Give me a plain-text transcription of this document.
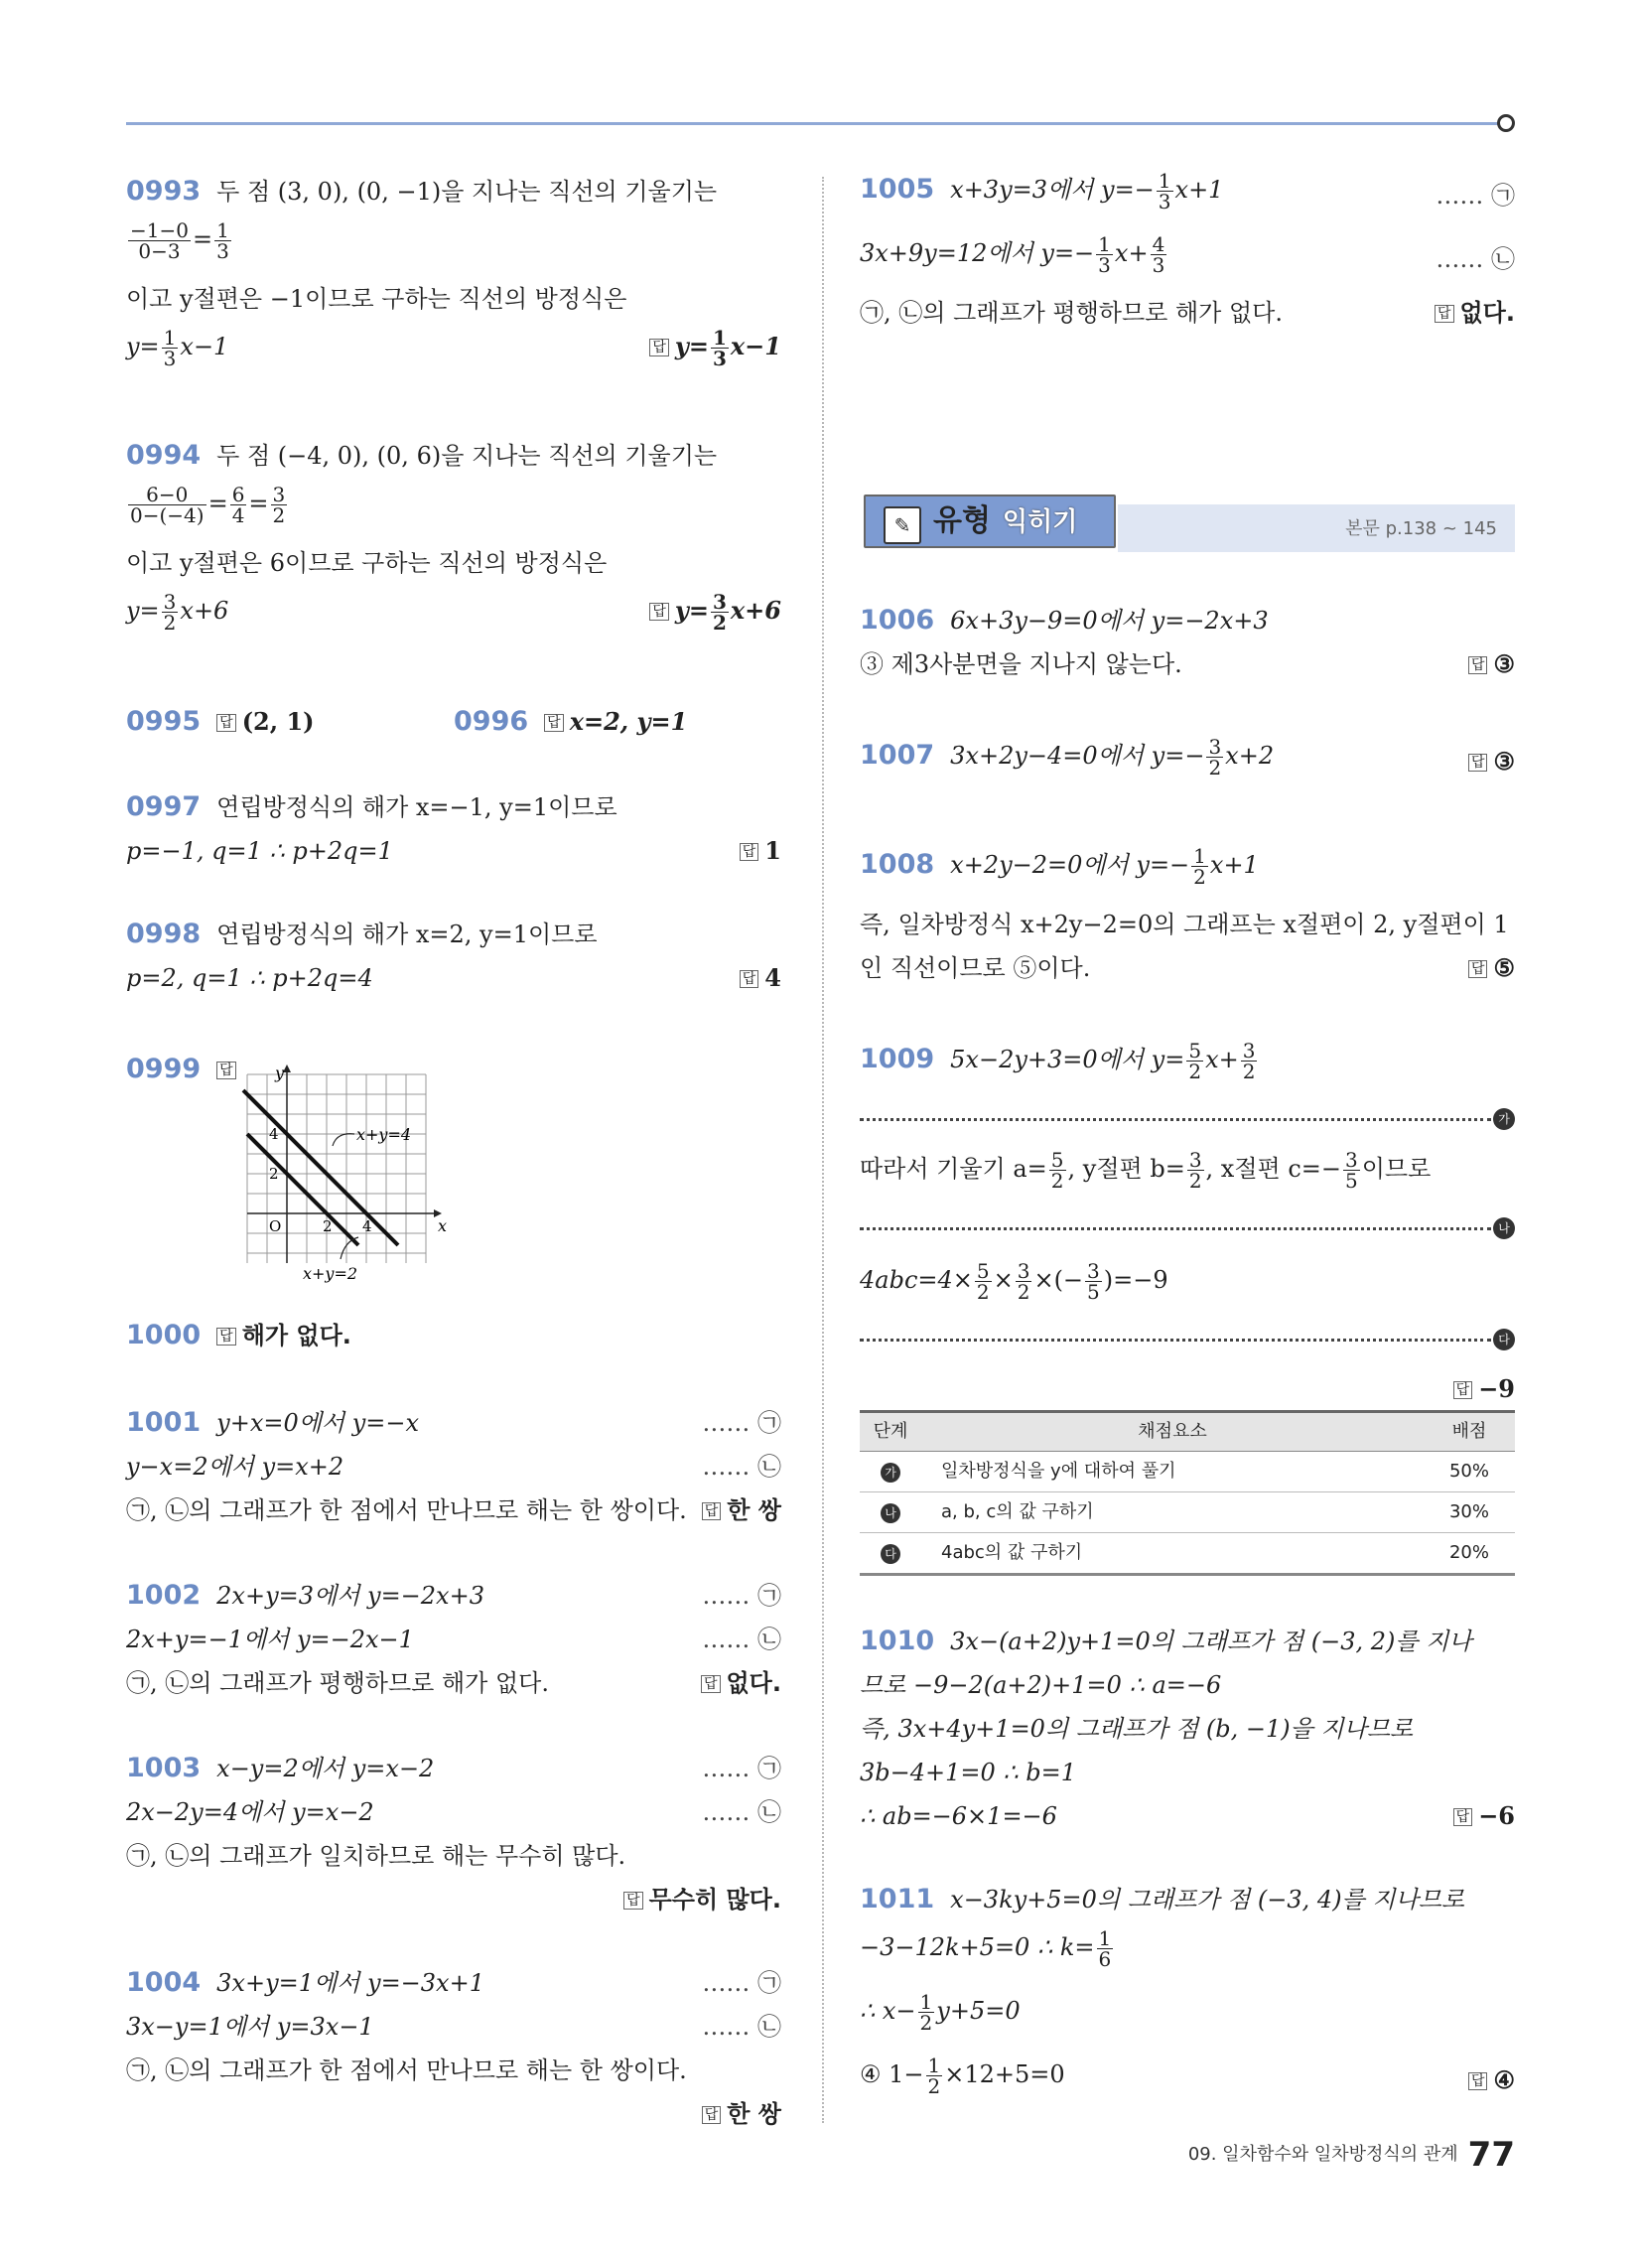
0993 두 점 (3, 0), (0, −1)을 지나는 직선의 기울기는
$\frac{-1-0}{0-3} = \frac{1}{3}$
이고 y절편은 −1이므로 구하는 직선의 방정식은
$y= \frac{1}{3} x-1$	답 $y= \frac{1}{3} x-1$
0994 두 점 (−4, 0), (0, 6)을 지나는 직선의 기울기는
$\frac{6-0}{0-(-4)} = \frac{6}{4} = \frac{3}{2}$
이고 y절편은 6이므로 구하는 직선의 방정식은
$y= \frac{3}{2} x+6$	답 $y= \frac{3}{2} x+6$
0995 답 (2, 1)	0996 답 x=2, y=1
0997 연립방정식의 해가 x=−1, y=1이므로
p=−1, q=1 ∴ p+2q=1	답 1
0998 연립방정식의 해가 x=2, y=1이므로
p=2, q=1 ∴ p+2q=4	답 4
0999 답	y
x
O	2 4
2
4	x+y=4
x+y=2
1000 답 해가 없다.
1001 y+x=0에서 y=−x	…… ㉠
y−x=2에서 y=x+2	…… ㉡
㉠, ㉡의 그래프가 한 점에서 만나므로 해는 한 쌍이다. 답 한 쌍
1002 2x+y=3에서 y=−2x+3	…… ㉠
2x+y=−1에서 y=−2x−1	…… ㉡
㉠, ㉡의 그래프가 평행하므로 해가 없다.	답 없다.
1003 x−y=2에서 y=x−2	…… ㉠
2x−2y=4에서 y=x−2	…… ㉡
㉠, ㉡의 그래프가 일치하므로 해는 무수히 많다.
답 무수히 많다.
1004 3x+y=1에서 y=−3x+1	…… ㉠
3x−y=1에서 y=3x−1	…… ㉡
㉠, ㉡의 그래프가 한 점에서 만나므로 해는 한 쌍이다.
답 한 쌍
1005 x+3y=3에서 $y=- \frac{1}{3} x+1$	…… ㉠
3x+9y=12에서 $y=- \frac{1}{3} x+ \frac{4}{3}$	…… ㉡
㉠, ㉡의 그래프가 평행하므로 해가 없다.	답 없다.
✎ 유형 익히기	본문 p.138 ~ 145
1006 6x+3y−9=0에서 y=−2x+3
③ 제3사분면을 지나지 않는다.	답 ③
1007 3x+2y−4=0에서 $y=- \frac{3}{2} x+2$	답 ③
1008 x+2y−2=0에서 $y=- \frac{1}{2} x+1$
즉, 일차방정식 x+2y−2=0의 그래프는 x절편이 2, y절편이 1
인 직선이므로 ⑤이다.	답 ⑤
1009 5x−2y+3=0에서 $y= \frac{5}{2} x+ \frac{3}{2}$
가
따라서 기울기 $a= \frac{5}{2}$ , y절편 $b= \frac{3}{2}$ , x절편 $c=- \frac{3}{5}$ 이므로
나
$4abc=4\times \frac{5}{2} \times \frac{3}{2}$ ×(− $\frac{3}{5} )=-9$
다
답 −9
단계	채점요소	배점
가	일차방정식을 y에 대하여 풀기	50%
나	a, b, c의 값 구하기	30%
다	4abc의 값 구하기	20%
1010 3x−(a+2)y+1=0의 그래프가 점 (−3, 2)를 지나
므로 −9−2(a+2)+1=0 ∴ a=−6
즉, 3x+4y+1=0의 그래프가 점 (b, −1)을 지나므로
3b−4+1=0 ∴ b=1
∴ ab=−6×1=−6	답 −6
1011 x−3ky+5=0의 그래프가 점 (−3, 4)를 지나므로
−3−12k+5=0 ∴ $k= \frac{1}{6}$
∴ $x- \frac{1}{2} y+5=0$
④ $1- \frac{1}{2} \times 12+5=0$	답 ④
09. 일차함수와 일차방정식의 관계 77
